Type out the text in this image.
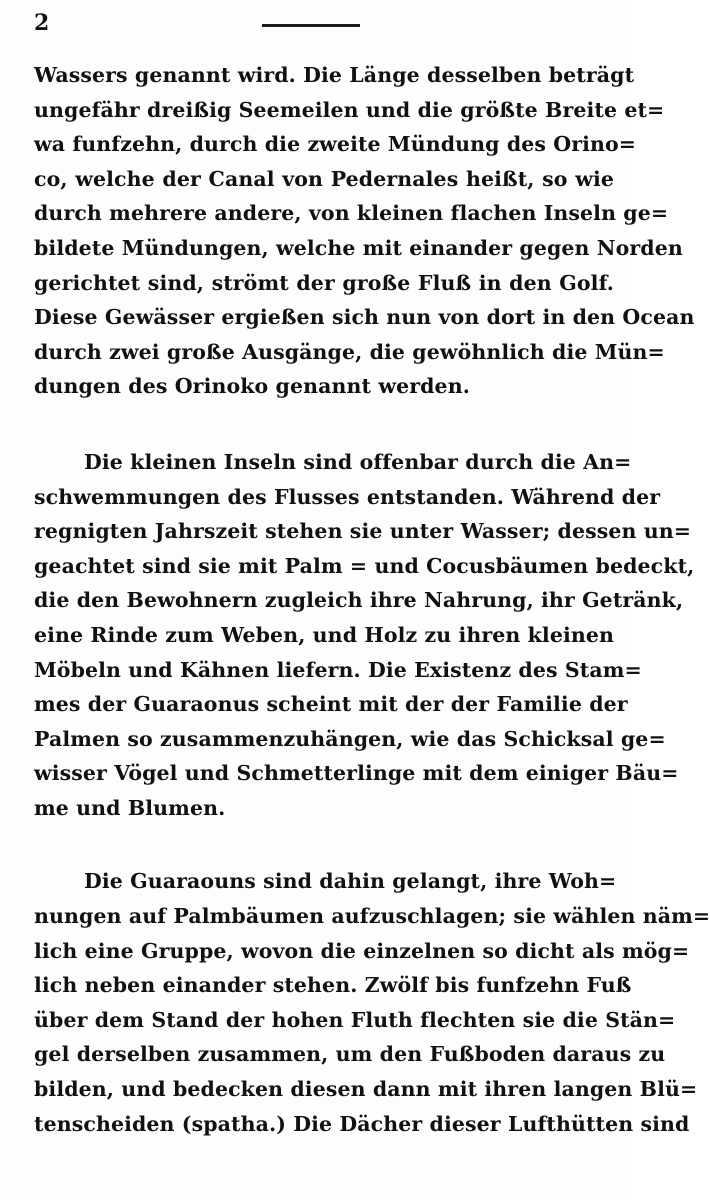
2
Wassers genannt wird. Die Länge desselben beträgt
ungefähr dreißig Seemeilen und die größte Breite et=
wa funfzehn, durch die zweite Mündung des Orino=
co, welche der Canal von Pedernales heißt, so wie
durch mehrere andere, von kleinen flachen Inseln ge=
bildete Mündungen, welche mit einander gegen Norden
gerichtet sind, strömt der große Fluß in den Golf.
Diese Gewässer ergießen sich nun von dort in den Ocean
durch zwei große Ausgänge, die gewöhnlich die Mün=
dungen des Orinoko genannt werden.
Die kleinen Inseln sind offenbar durch die An=
schwemmungen des Flusses entstanden. Während der
regnigten Jahrszeit stehen sie unter Wasser; dessen un=
geachtet sind sie mit Palm = und Cocusbäumen bedeckt,
die den Bewohnern zugleich ihre Nahrung, ihr Getränk,
eine Rinde zum Weben, und Holz zu ihren kleinen
Möbeln und Kähnen liefern. Die Existenz des Stam=
mes der Guaraonus scheint mit der der Familie der
Palmen so zusammenzuhängen, wie das Schicksal ge=
wisser Vögel und Schmetterlinge mit dem einiger Bäu=
me und Blumen.
Die Guaraouns sind dahin gelangt, ihre Woh=
nungen auf Palmbäumen aufzuschlagen; sie wählen näm=
lich eine Gruppe, wovon die einzelnen so dicht als mög=
lich neben einander stehen. Zwölf bis funfzehn Fuß
über dem Stand der hohen Fluth flechten sie die Stän=
gel derselben zusammen, um den Fußboden daraus zu
bilden, und bedecken diesen dann mit ihren langen Blü=
tenscheiden (spatha.) Die Dächer dieser Lufthütten sind
